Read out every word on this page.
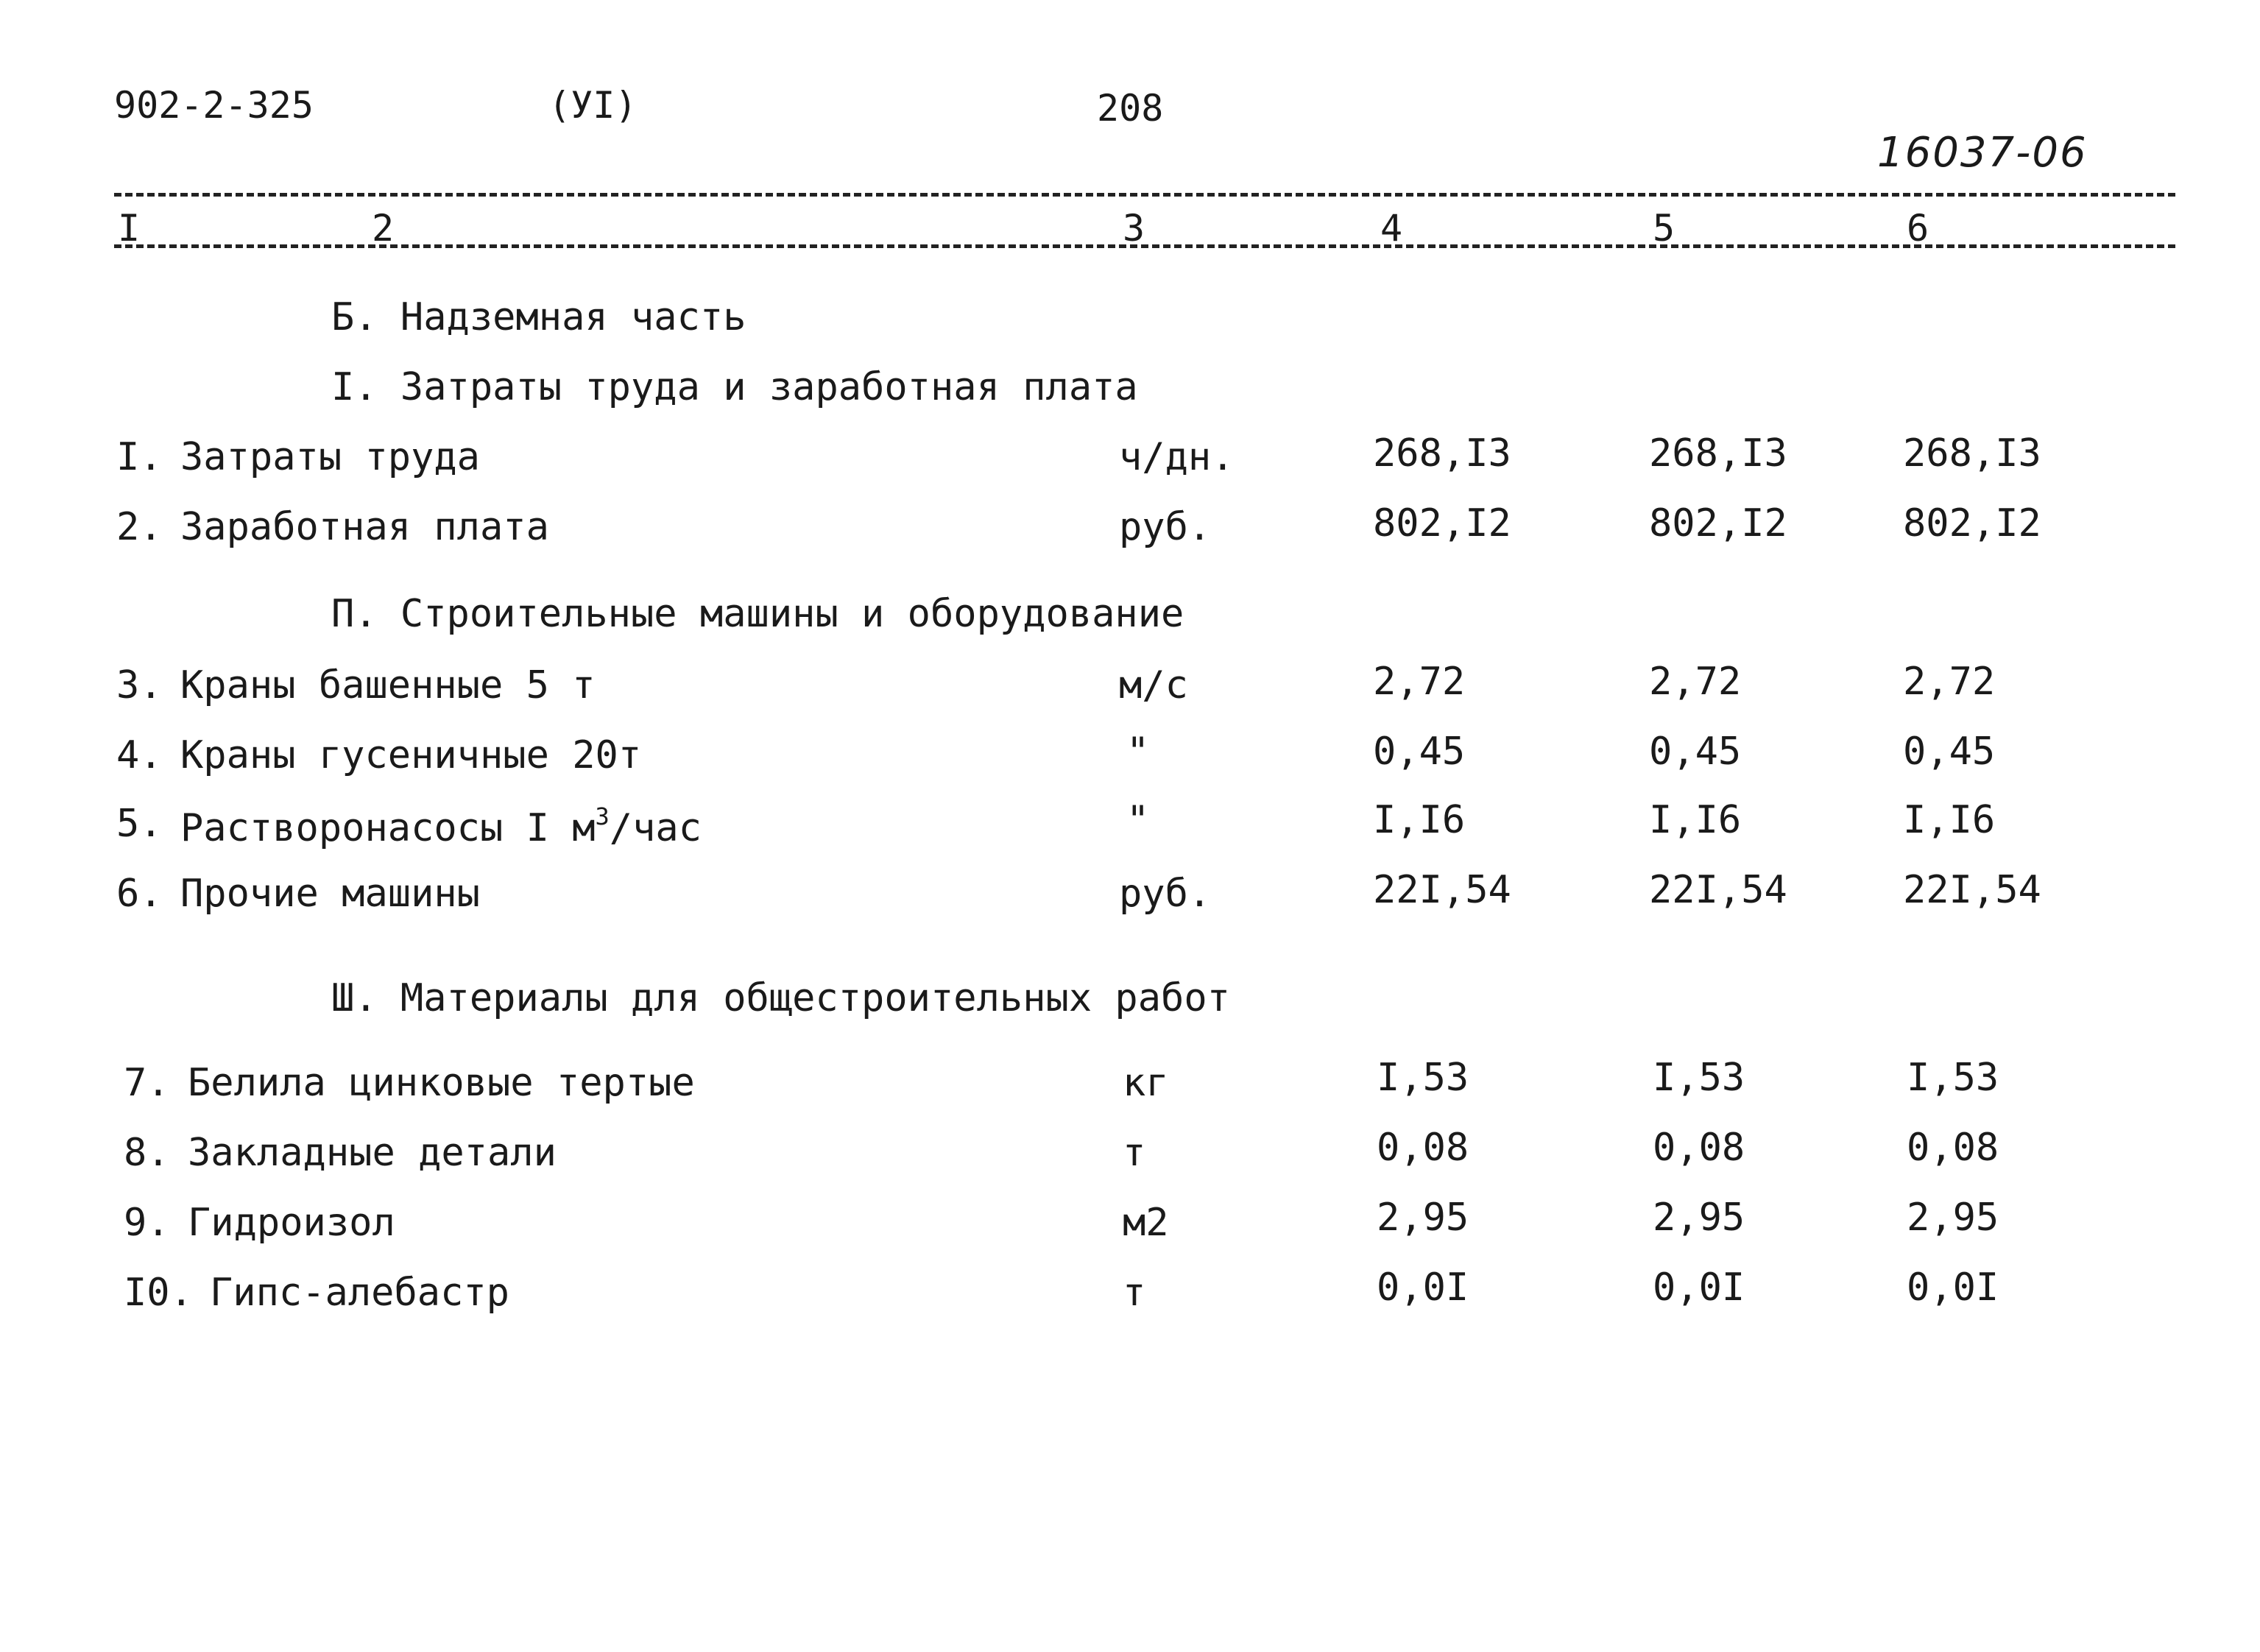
902-2-325	(УI)	208
16037-06
I	2	3	4	5	6
Б. Надземная часть
I. Затраты труда и заработная плата
I. Затраты труда	ч/дн.	268,I3	268,I3	268,I3
2. Заработная плата	руб.	802,I2	802,I2	802,I2
П. Строительные машины и оборудование
3. Краны башенные 5 т	м/с	2,72	2,72	2,72
4. Краны гусеничные 20т	"	0,45	0,45	0,45
5. Растворонасосы I $м^3$/час	"	I,I6	I,I6	I,I6
6. Прочие машины	руб.	22I,54	22I,54	22I,54
Ш. Материалы для общестроительных работ
7. Белила цинковые тертые	кг	I,53	I,53	I,53
8. Закладные детали	т	0,08	0,08	0,08
9. Гидроизол	м2	2,95	2,95	2,95
I0. Гипс-алебастр	т	0,0I	0,0I	0,0I
